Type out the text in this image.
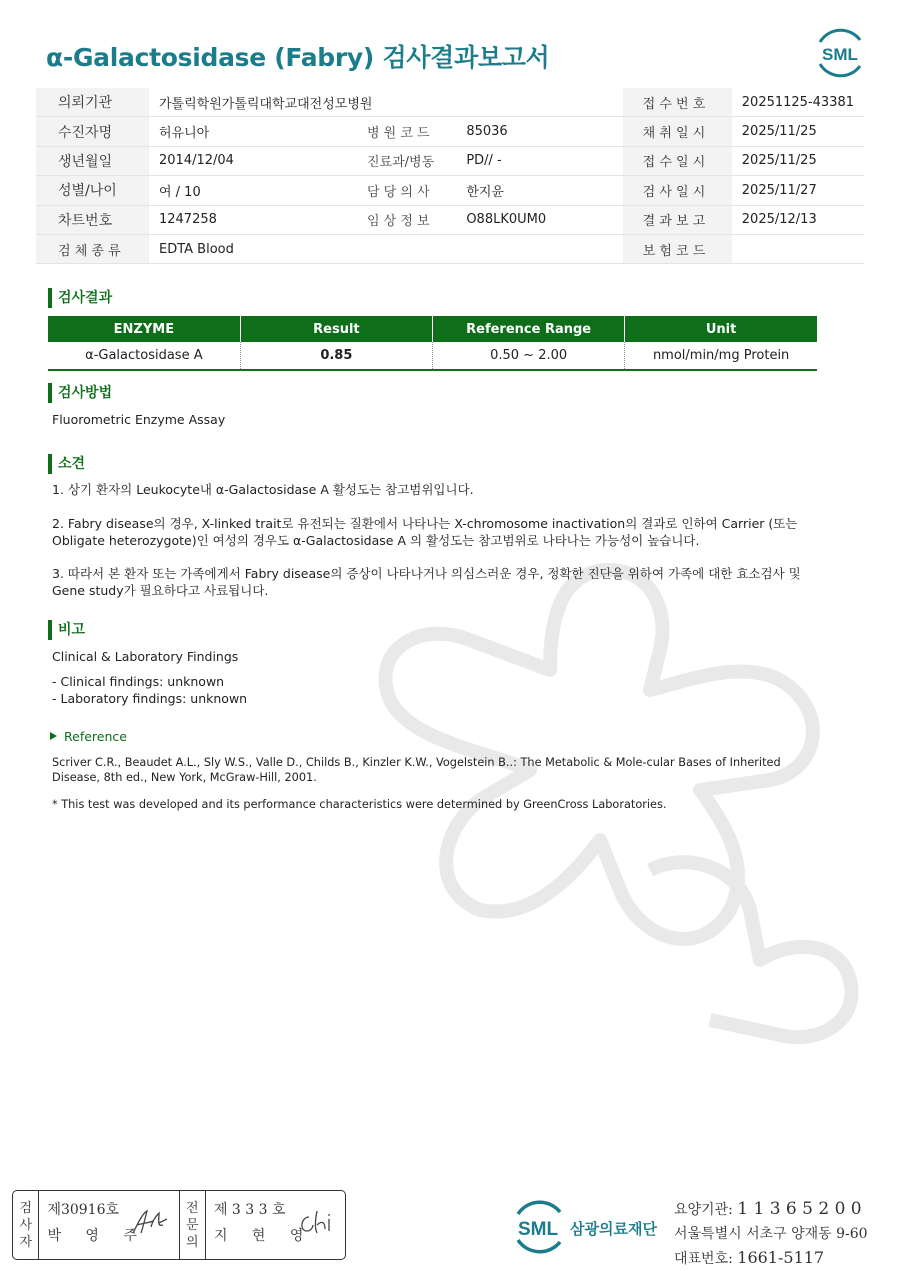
α-Galactosidase (Fabry) 검사결과보고서	SML
의뢰기관	가톨릭학원가톨릭대학교대전성모병원			접 수 번 호	20251125-43381
수진자명	허유니아	병 원 코 드	85036	채 취 일 시	2025/11/25
생년월일	2014/12/04	진료과/병동	PD// -	접 수 일 시	2025/11/25
성별/나이	여 / 10	담 당 의 사	한지윤	검 사 일 시	2025/11/27
차트번호	1247258	임 상 정 보	O88LK0UM0	결 과 보 고	2025/12/13
검 체 종 류	EDTA Blood			보 험 코 드	
검사결과
ENZYME	Result	Reference Range	Unit
α-Galactosidase A	0.85	0.50 ~ 2.00	nmol/min/mg Protein
검사방법

Fluorometric Enzyme Assay

소견

1. 상기 환자의 Leukocyte내 α-Galactosidase A 활성도는 참고범위입니다.

2. Fabry disease의 경우, X-linked trait로 유전되는 질환에서 나타나는 X-chromosome inactivation의 결과로 인하여 Carrier (또는 Obligate heterozygote)인 여성의 경우도 α-Galactosidase A 의 활성도는 참고범위로 나타나는 가능성이 높습니다.

3. 따라서 본 환자 또는 가족에게서 Fabry disease의 증상이 나타나거나 의심스러운 경우, 정확한 진단을 위하여 가족에 대한 효소검사 및 Gene study가 필요하다고 사료됩니다.

비고

Clinical & Laboratory Findings

- Clinical findings: unknown

- Laboratory findings: unknown

Reference

Scriver C.R., Beaudet A.L., Sly W.S., Valle D., Childs B., Kinzler K.W., Vogelstein B..: The Metabolic & Mole-cular Bases of Inherited Disease, 8th ed., New York, McGraw-Hill, 2001.

* This test was developed and its performance characteristics were determined by GreenCross Laboratories.

검
사
자
제30916호
박 영 주
전
문
의
제 3 3 3 호
지 현 영	SML 삼광의료재단
요양기관: 1 1 3 6 5 2 0 0
서울특별시 서초구 양재동 9-60
대표번호: 1661-5117
